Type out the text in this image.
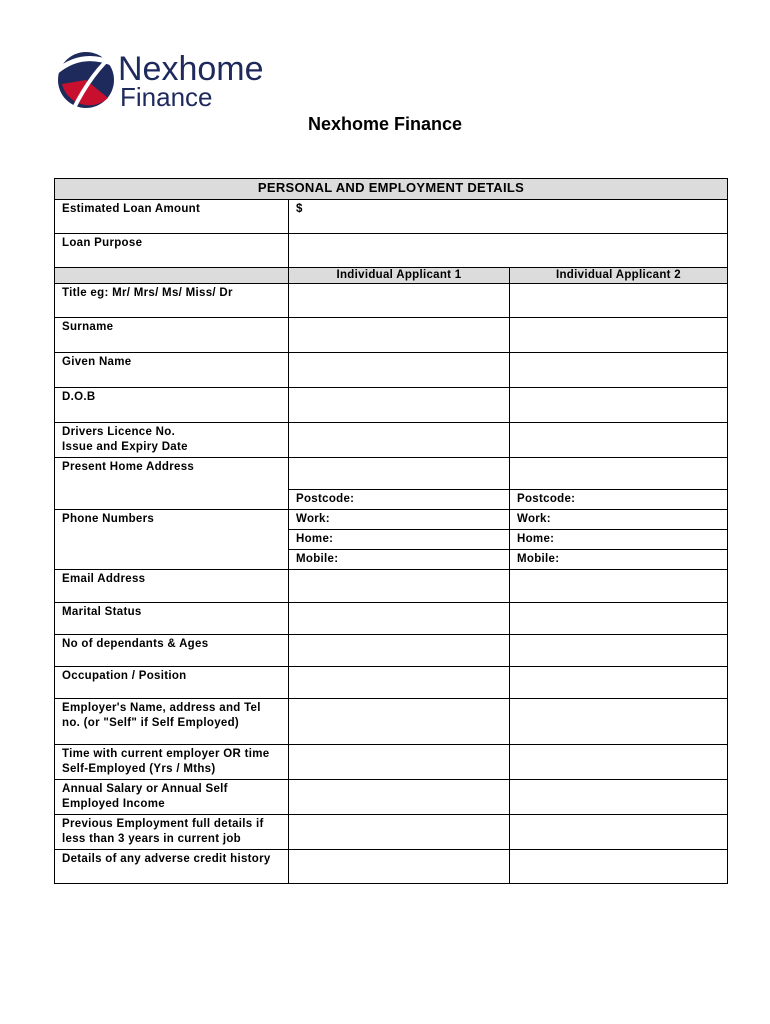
Nexhome
Finance
Nexhome Finance
PERSONAL AND EMPLOYMENT DETAILS		
Estimated Loan Amount	$	
Loan Purpose		
	Individual Applicant 1	Individual Applicant 2
Title eg: Mr/ Mrs/ Ms/ Miss/ Dr		
Surname		
Given Name		
D.O.B		
Drivers Licence No.
Issue and Expiry Date		
Present Home Address		
	Postcode:	Postcode:
Phone Numbers	Work:	Work:
	Home:	Home:
	Mobile:	Mobile:
Email Address		
Marital Status		
No of dependants & Ages		
Occupation / Position		
Employer's Name, address and Tel no. (or "Self" if Self Employed)		
Time with current employer OR time Self-Employed (Yrs / Mths)		
Annual Salary or Annual Self Employed Income		
Previous Employment full details if less than 3 years in current job		
Details of any adverse credit history		
